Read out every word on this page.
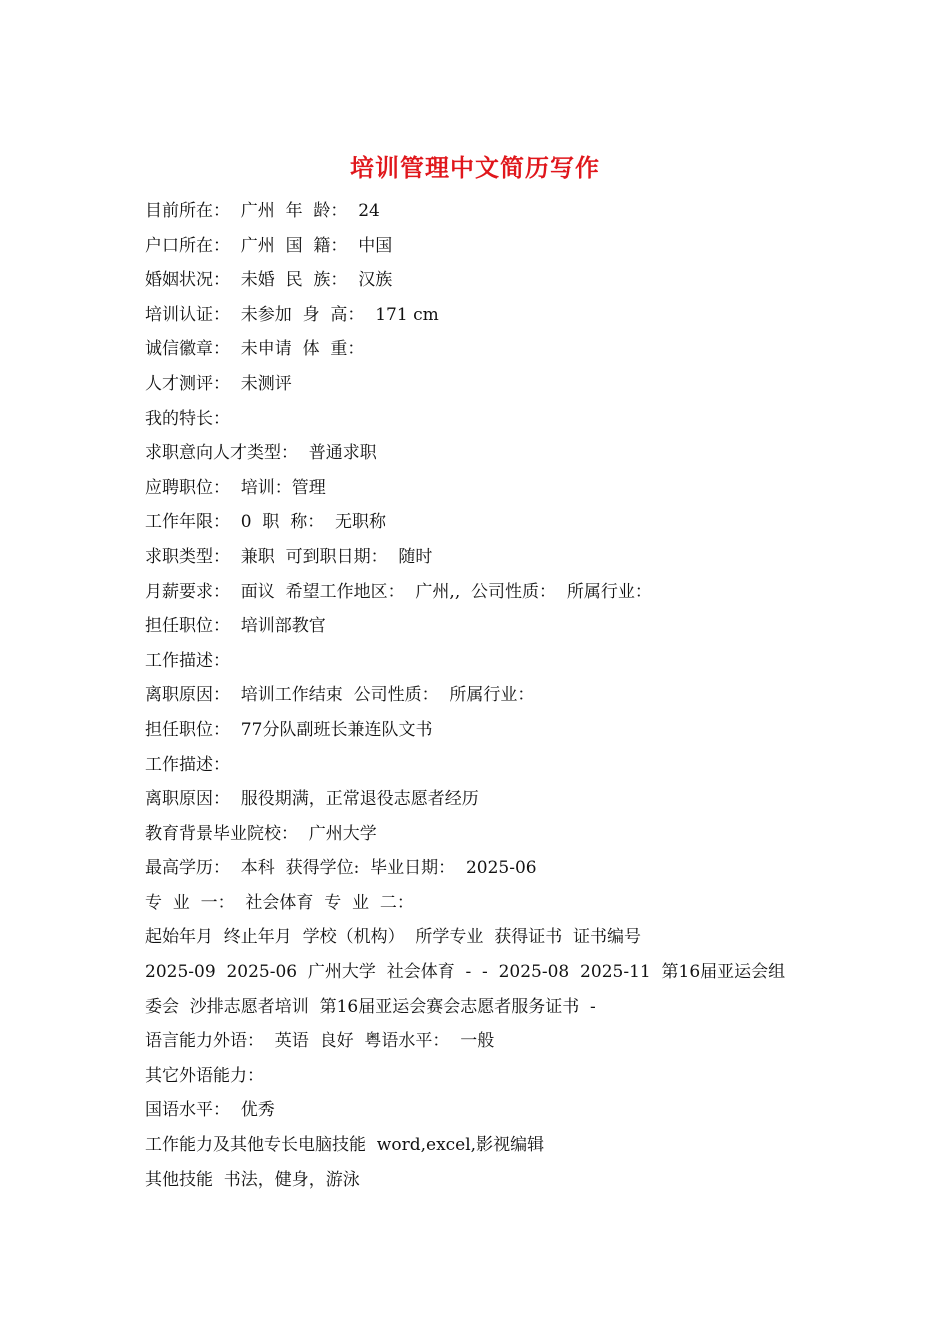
培训管理中文简历写作
目前所在：  广州  年  龄：  24
户口所在：  广州  国  籍：  中国
婚姻状况：  未婚  民  族：  汉族
培训认证：  未参加  身  高：  171 cm
诚信徽章：  未申请  体  重：
人才测评：  未测评
我的特长：
求职意向人才类型：  普通求职
应聘职位：  培训：管理
工作年限：  0  职  称：  无职称
求职类型：  兼职  可到职日期：  随时
月薪要求：  面议  希望工作地区：  广州,,  公司性质：  所属行业：
担任职位：  培训部教官
工作描述：
离职原因：  培训工作结束  公司性质：  所属行业：
担任职位：  77分队副班长兼连队文书
工作描述：
离职原因：  服役期满，正常退役志愿者经历
教育背景毕业院校：  广州大学
最高学历：  本科  获得学位:  毕业日期：  2025-06
专  业  一：  社会体育  专  业  二：
起始年月  终止年月  学校（机构）  所学专业  获得证书  证书编号
2025-09  2025-06  广州大学  社会体育  -  -  2025-08  2025-11  第16届亚运会组
委会  沙排志愿者培训  第16届亚运会赛会志愿者服务证书  -
语言能力外语：  英语  良好  粤语水平：  一般
其它外语能力：
国语水平：  优秀
工作能力及其他专长电脑技能  word,excel,影视编辑
其他技能  书法，健身，游泳
